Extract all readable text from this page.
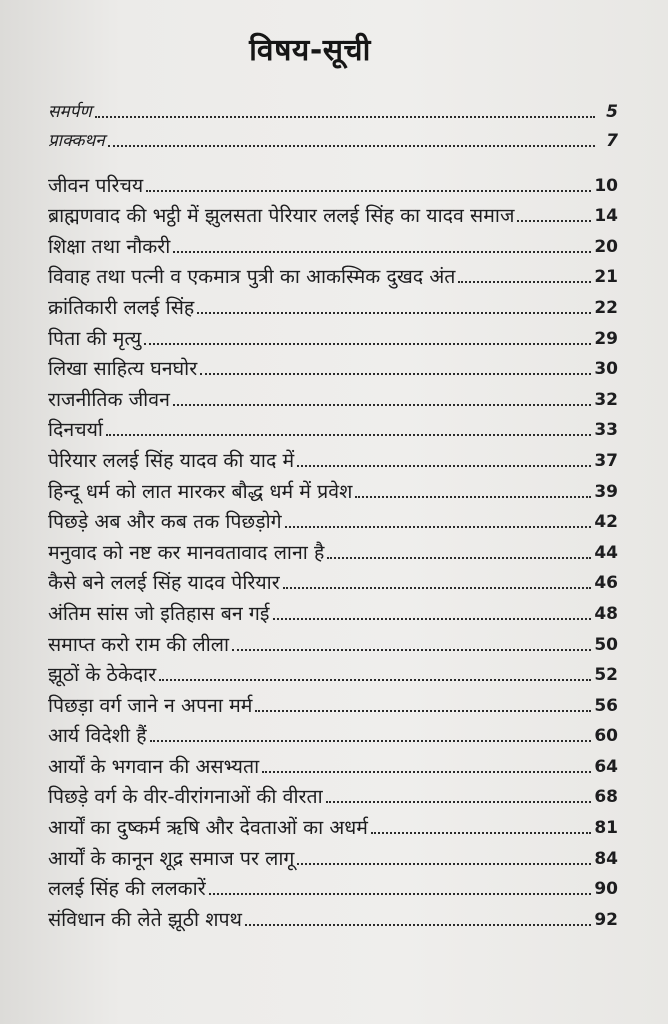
विषय-सूची
समर्पण	5
प्राक्कथन	7
जीवन परिचय	10
ब्राह्मणवाद की भट्ठी में झुलसता पेरियार ललई सिंह का यादव समाज	14
शिक्षा तथा नौकरी	20
विवाह तथा पत्नी व एकमात्र पुत्री का आकस्मिक दुखद अंत	21
क्रांतिकारी ललई सिंह	22
पिता की मृत्यु	29
लिखा साहित्य घनघोर	30
राजनीतिक जीवन	32
दिनचर्या	33
पेरियार ललई सिंह यादव की याद में	37
हिन्दू धर्म को लात मारकर बौद्ध धर्म में प्रवेश	39
पिछड़े अब और कब तक पिछड़ोगे	42
मनुवाद को नष्ट कर मानवतावाद लाना है	44
कैसे बने ललई सिंह यादव पेरियार	46
अंतिम सांस जो इतिहास बन गई	48
समाप्त करो राम की लीला	50
झूठों के ठेकेदार	52
पिछड़ा वर्ग जाने न अपना मर्म	56
आर्य विदेशी हैं	60
आर्यों के भगवान की असभ्यता	64
पिछड़े वर्ग के वीर-वीरांगनाओं की वीरता	68
आर्यों का दुष्कर्म ऋषि और देवताओं का अधर्म	81
आर्यों के कानून शूद्र समाज पर लागू	84
ललई सिंह की ललकारें	90
संविधान की लेते झूठी शपथ	92
